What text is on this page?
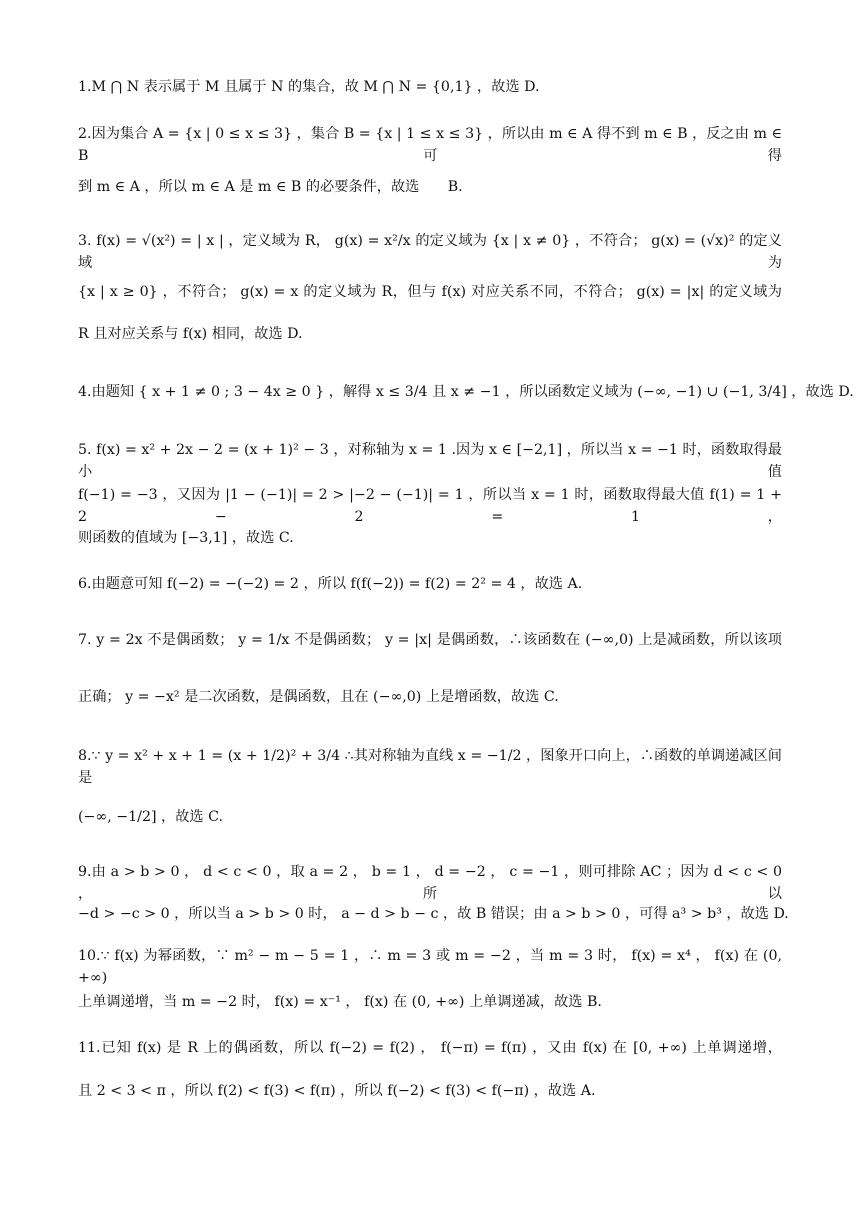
1.M ⋂ N 表示属于 M 且属于 N 的集合，故 M ⋂ N = {0,1} ，故选 D.
2.因为集合 A = {x | 0 ≤ x ≤ 3} ，集合 B = {x | 1 ≤ x ≤ 3} ，所以由 m ∈ A 得不到 m ∈ B ，反之由 m ∈ B 可得
到 m ∈ A ，所以 m ∈ A 是 m ∈ B 的必要条件，故选　　B.
3. f(x) = √(x²) = | x | ，定义域为 R， g(x) = x²/x 的定义域为 {x | x ≠ 0} ，不符合； g(x) = (√x)² 的定义域为
{x | x ≥ 0} ，不符合； g(x) = x 的定义域为 R，但与 f(x) 对应关系不同，不符合； g(x) = |x| 的定义域为
R 且对应关系与 f(x) 相同，故选 D.
4.由题知 { x + 1 ≠ 0 ; 3 − 4x ≥ 0 } ，解得 x ≤ 3/4 且 x ≠ −1 ，所以函数定义域为 (−∞, −1) ∪ (−1, 3/4] ，故选 D.
5. f(x) = x² + 2x − 2 = (x + 1)² − 3 ，对称轴为 x = 1 .因为 x ∈ [−2,1] ，所以当 x = −1 时，函数取得最小值
f(−1) = −3 ，又因为 |1 − (−1)| = 2 > |−2 − (−1)| = 1 ，所以当 x = 1 时，函数取得最大值 f(1) = 1 + 2 − 2 = 1 ，
则函数的值域为 [−3,1] ，故选 C.
6.由题意可知 f(−2) = −(−2) = 2 ，所以 f(f(−2)) = f(2) = 2² = 4 ，故选 A.
7. y = 2x 不是偶函数； y = 1/x 不是偶函数； y = |x| 是偶函数，∴该函数在 (−∞,0) 上是减函数，所以该项
正确； y = −x² 是二次函数，是偶函数，且在 (−∞,0) 上是增函数，故选 C.
8.∵ y = x² + x + 1 = (x + 1/2)² + 3/4 ∴其对称轴为直线 x = −1/2 ，图象开口向上，∴函数的单调递减区间是
(−∞, −1/2] ，故选 C.
9.由 a > b > 0 ， d < c < 0 ，取 a = 2 ， b = 1 ， d = −2 ， c = −1 ，则可排除 AC ；因为 d < c < 0 ，所以
−d > −c > 0 ，所以当 a > b > 0 时， a − d > b − c ，故 B 错误；由 a > b > 0 ，可得 a³ > b³ ，故选 D.
10.∵ f(x) 为幂函数，∵ m² − m − 5 = 1 ，∴ m = 3 或 m = −2 ，当 m = 3 时， f(x) = x⁴ ， f(x) 在 (0, +∞)
上单调递增，当 m = −2 时， f(x) = x⁻¹ ， f(x) 在 (0, +∞) 上单调递减，故选 B.
11.已知 f(x) 是 R 上的偶函数，所以 f(−2) = f(2) ， f(−π) = f(π) ，又由 f(x) 在 [0, +∞) 上单调递增，
且 2 < 3 < π ，所以 f(2) < f(3) < f(π) ，所以 f(−2) < f(3) < f(−π) ，故选 A.
